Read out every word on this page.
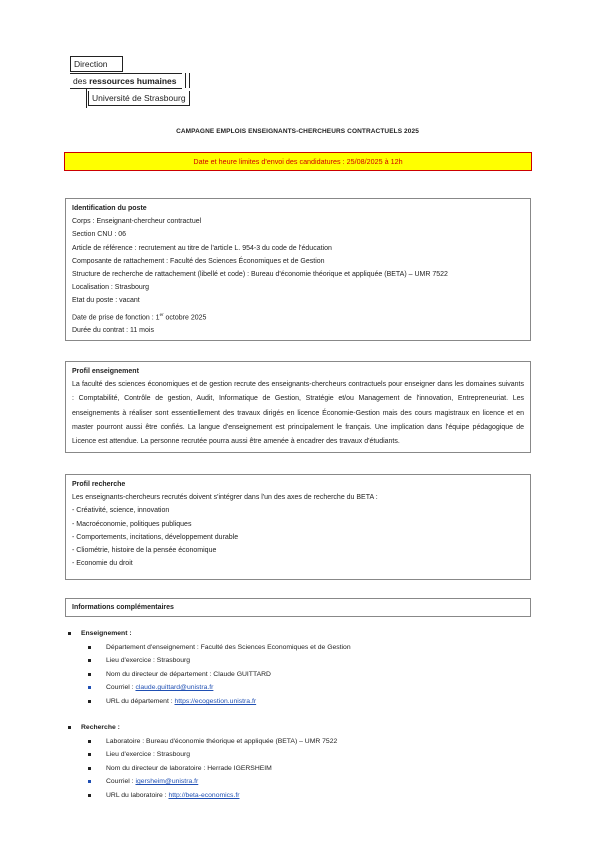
Direction
des ressources humaines
Université de Strasbourg
CAMPAGNE EMPLOIS ENSEIGNANTS-CHERCHEURS CONTRACTUELS 2025
Date et heure limites d'envoi des candidatures : 25/08/2025 à 12h

Identification du poste

Corps : Enseignant-chercheur contractuel

Section CNU : 06

Article de référence : recrutement au titre de l'article L. 954-3 du code de l'éducation

Composante de rattachement : Faculté des Sciences Économiques et de Gestion

Structure de recherche de rattachement (libellé et code) : Bureau d'économie théorique et appliquée (BETA) – UMR 7522

Localisation : Strasbourg

Etat du poste : vacant

Date de prise de fonction : 1er octobre 2025

Durée du contrat : 11 mois

Profil enseignement

La faculté des sciences économiques et de gestion recrute des enseignants-chercheurs contractuels pour enseigner dans les domaines suivants : Comptabilité, Contrôle de gestion, Audit, Informatique de Gestion, Stratégie et/ou Management de l'innovation, Entrepreneuriat. Les enseignements à réaliser sont essentiellement des travaux dirigés en licence Économie-Gestion mais des cours magistraux en licence et en master pourront aussi être confiés. La langue d'enseignement est principalement le français. Une implication dans l'équipe pédagogique de Licence est attendue. La personne recrutée pourra aussi être amenée à encadrer des travaux d'étudiants.

Profil recherche

Les enseignants-chercheurs recrutés doivent s'intégrer dans l'un des axes de recherche du BETA :

- Créativité, science, innovation

- Macroéconomie, politiques publiques

- Comportements, incitations, développement durable

- Cliométrie, histoire de la pensée économique

- Economie du droit

Informations complémentaires

Enseignement :
Département d'enseignement : Faculté des Sciences Economiques et de Gestion
Lieu d'exercice : Strasbourg
Nom du directeur de département : Claude GUITTARD
Courriel : claude.guittard@unistra.fr
URL du département : https://ecogestion.unistra.fr
Recherche :
Laboratoire : Bureau d'économie théorique et appliquée (BETA) – UMR 7522
Lieu d'exercice : Strasbourg
Nom du directeur de laboratoire : Herrade IGERSHEIM
Courriel : igersheim@unistra.fr
URL du laboratoire : http://beta-economics.fr
